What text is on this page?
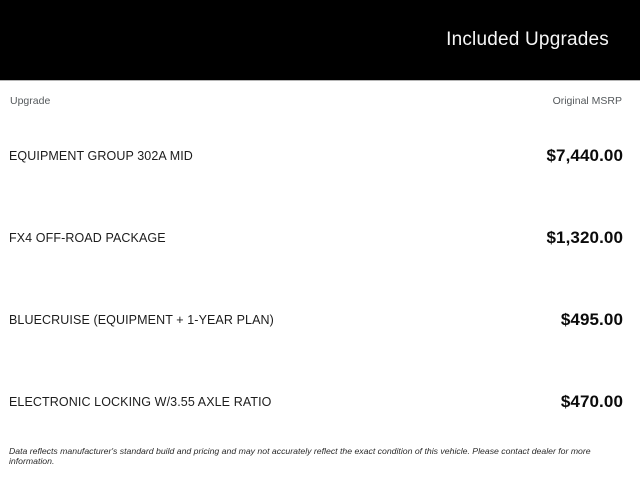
Included Upgrades
Upgrade	Original MSRP
EQUIPMENT GROUP 302A MID	$7,440.00
FX4 OFF-ROAD PACKAGE	$1,320.00
BLUECRUISE (EQUIPMENT + 1-YEAR PLAN)	$495.00
ELECTRONIC LOCKING W/3.55 AXLE RATIO	$470.00
Data reflects manufacturer's standard build and pricing and may not accurately reflect the exact condition of this vehicle. Please contact dealer for more information.
